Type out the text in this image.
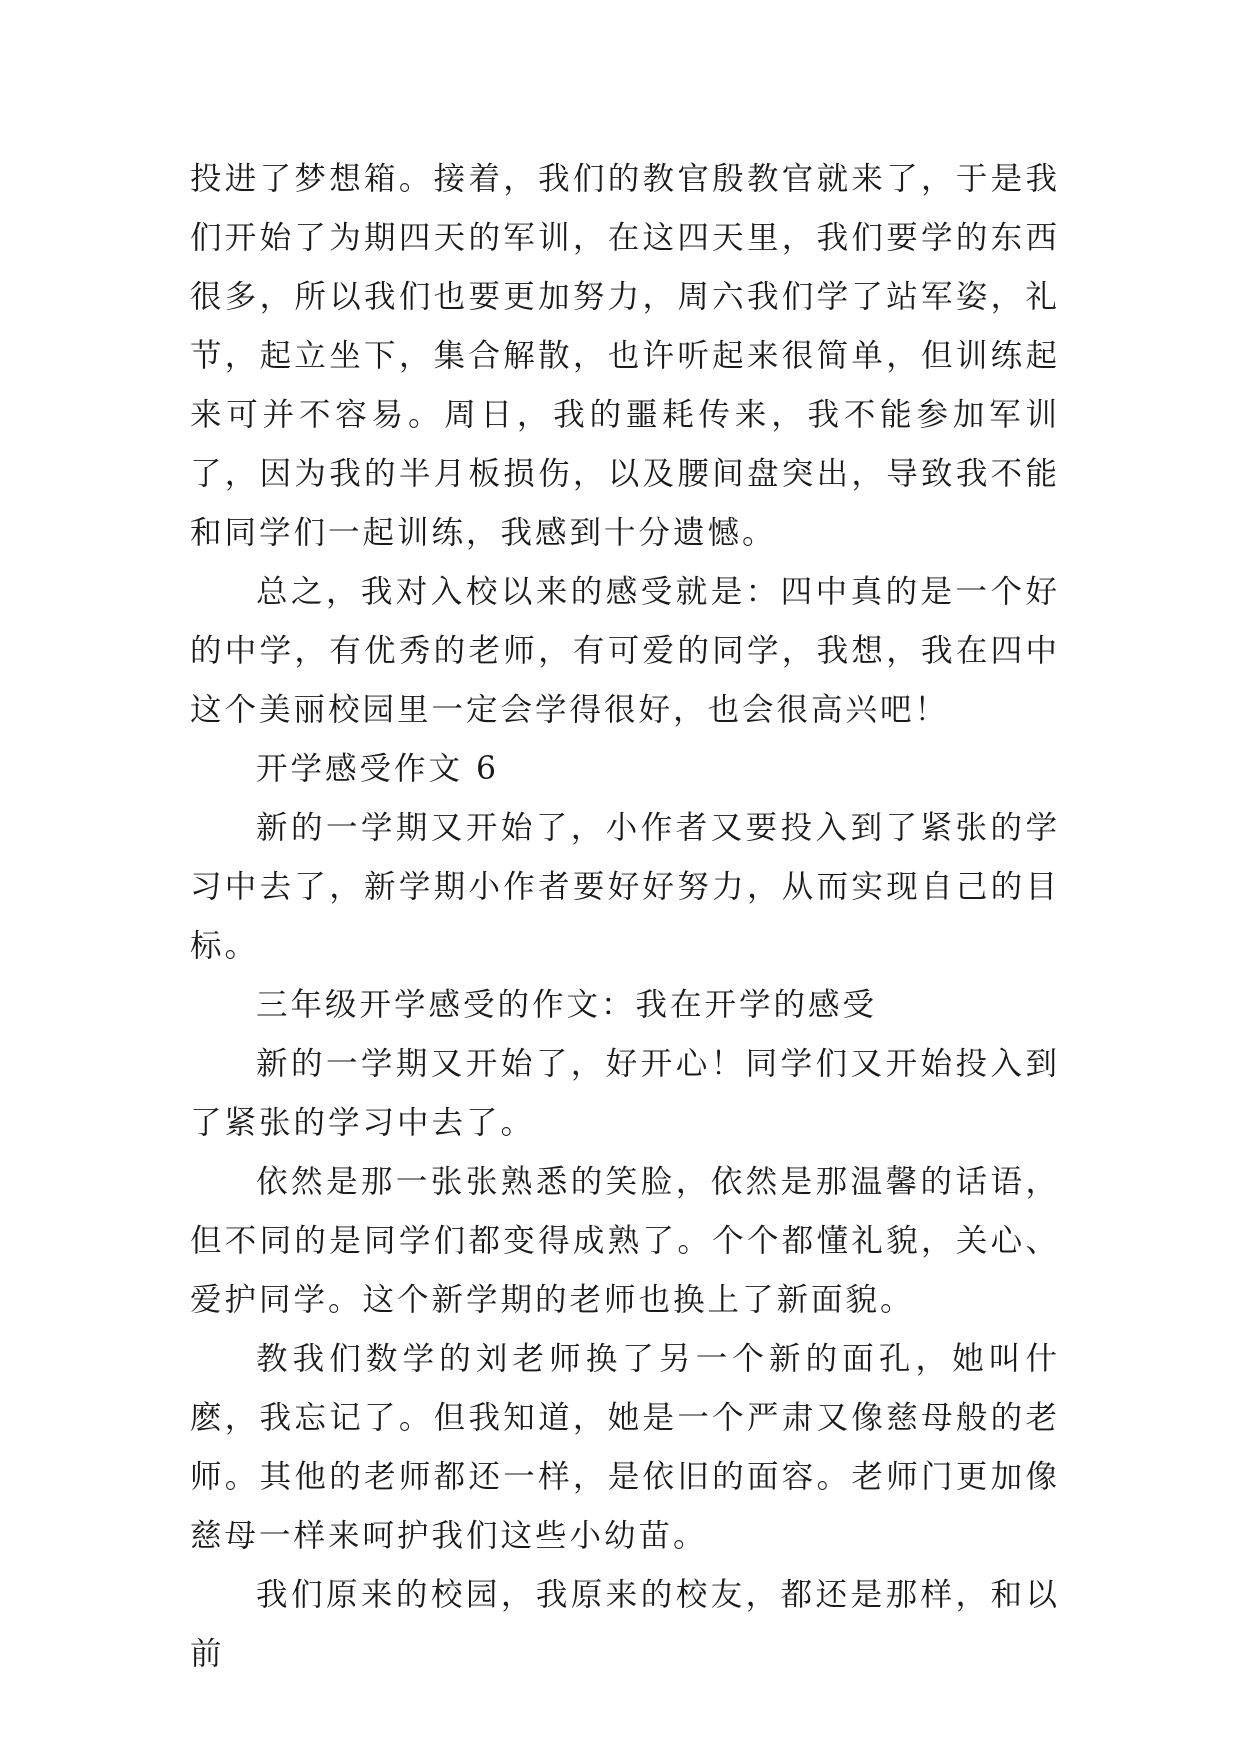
投进了梦想箱。接着，我们的教官殷教官就来了，于是我们开始了为期四天的军训，在这四天里，我们要学的东西很多，所以我们也要更加努力，周六我们学了站军姿，礼节，起立坐下，集合解散，也许听起来很简单，但训练起来可并不容易。周日，我的噩耗传来，我不能参加军训了，因为我的半月板损伤，以及腰间盘突出，导致我不能和同学们一起训练，我感到十分遗憾。

总之，我对入校以来的感受就是：四中真的是一个好的中学，有优秀的老师，有可爱的同学，我想，我在四中这个美丽校园里一定会学得很好，也会很高兴吧！

开学感受作文 6

新的一学期又开始了，小作者又要投入到了紧张的学习中去了，新学期小作者要好好努力，从而实现自己的目标。

三年级开学感受的作文：我在开学的感受

新的一学期又开始了，好开心！同学们又开始投入到了紧张的学习中去了。

依然是那一张张熟悉的笑脸，依然是那温馨的话语，但不同的是同学们都变得成熟了。个个都懂礼貌，关心、爱护同学。这个新学期的老师也换上了新面貌。

教我们数学的刘老师换了另一个新的面孔，她叫什麽，我忘记了。但我知道，她是一个严肃又像慈母般的老师。其他的老师都还一样，是依旧的面容。老师门更加像慈母一样来呵护我们这些小幼苗。

我们原来的校园，我原来的校友，都还是那样，和以前
